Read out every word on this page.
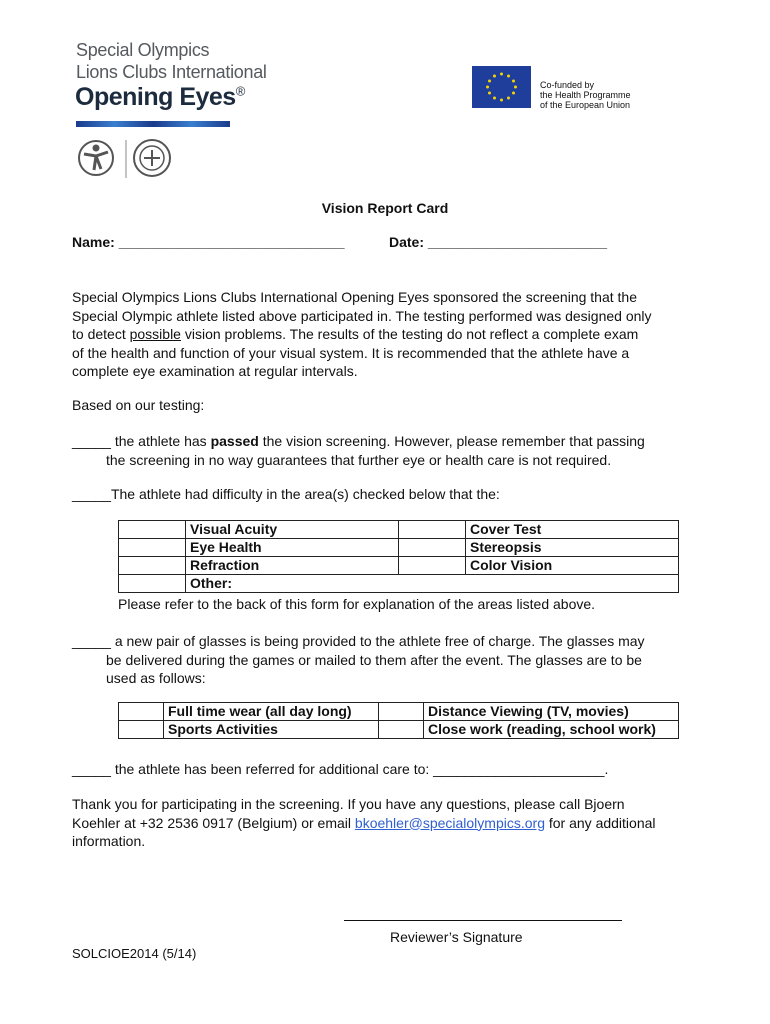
Special Olympics
Lions Clubs International
Opening Eyes®	Co-funded by
the Health Programme
of the European Union
Vision Report Card
Name: _____________________________	Date: _______________________
Special Olympics Lions Clubs International Opening Eyes sponsored the screening that the
Special Olympic athlete listed above participated in. The testing performed was designed only
to detect possible vision problems. The results of the testing do not reflect a complete exam
of the health and function of your visual system. It is recommended that the athlete have a
complete eye examination at regular intervals.
Based on our testing:
_____ the athlete has passed the vision screening. However, please remember that passing
the screening in no way guarantees that further eye or health care is not required.
_____The athlete had difficulty in the area(s) checked below that the:
	Visual Acuity		Cover Test
	Eye Health		Stereopsis
	Refraction		Color Vision
	Other:		
Please refer to the back of this form for explanation of the areas listed above.
_____ a new pair of glasses is being provided to the athlete free of charge. The glasses may
be delivered during the games or mailed to them after the event. The glasses are to be
used as follows:
	Full time wear (all day long)		Distance Viewing (TV, movies)
	Sports Activities		Close work (reading, school work)
_____ the athlete has been referred for additional care to: ______________________.
Thank you for participating in the screening. If you have any questions, please call Bjoern
Koehler at +32 2536 0917 (Belgium) or email bkoehler@specialolympics.org for any additional
information.
Reviewer’s Signature
SOLCIOE2014 (5/14)
